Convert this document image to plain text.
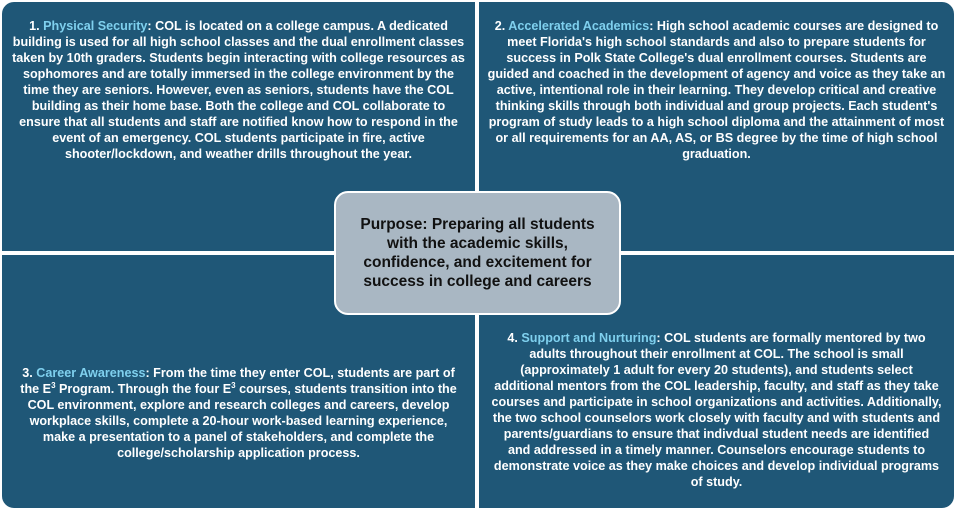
1. Physical Security: COL is located on a college campus. A dedicated building is used for all high school classes and the dual enrollment classes taken by 10th graders. Students begin interacting with college resources as sophomores and are totally immersed in the college environment by the time they are seniors. However, even as seniors, students have the COL building as their home base. Both the college and COL collaborate to ensure that all students and staff are notified know how to respond in the event of an emergency. COL students participate in fire, active shooter/lockdown, and weather drills throughout the year.
2. Accelerated Academics: High school academic courses are designed to meet Florida's high school standards and also to prepare students for success in Polk State College's dual enrollment courses. Students are guided and coached in the development of agency and voice as they take an active, intentional role in their learning. They develop critical and creative thinking skills through both individual and group projects. Each student's program of study leads to a high school diploma and the attainment of most or all requirements for an AA, AS, or BS degree by the time of high school graduation.
3. Career Awareness: From the time they enter COL, students are part of the $E^3$ Program. Through the four $E^3$ courses, students transition into the COL environment, explore and research colleges and careers, develop workplace skills, complete a 20-hour work-based learning experience, make a presentation to a panel of stakeholders, and complete the college/scholarship application process.
4. Support and Nurturing: COL students are formally mentored by two adults throughout their enrollment at COL. The school is small (approximately 1 adult for every 20 students), and students select additional mentors from the COL leadership, faculty, and staff as they take courses and participate in school organizations and activities. Additionally, the two school counselors work closely with faculty and with students and parents/guardians to ensure that indivdual student needs are identified and addressed in a timely manner. Counselors encourage students to demonstrate voice as they make choices and develop individual programs of study.
Purpose: Preparing all students with the academic skills, confidence, and excitement for success in college and careers
